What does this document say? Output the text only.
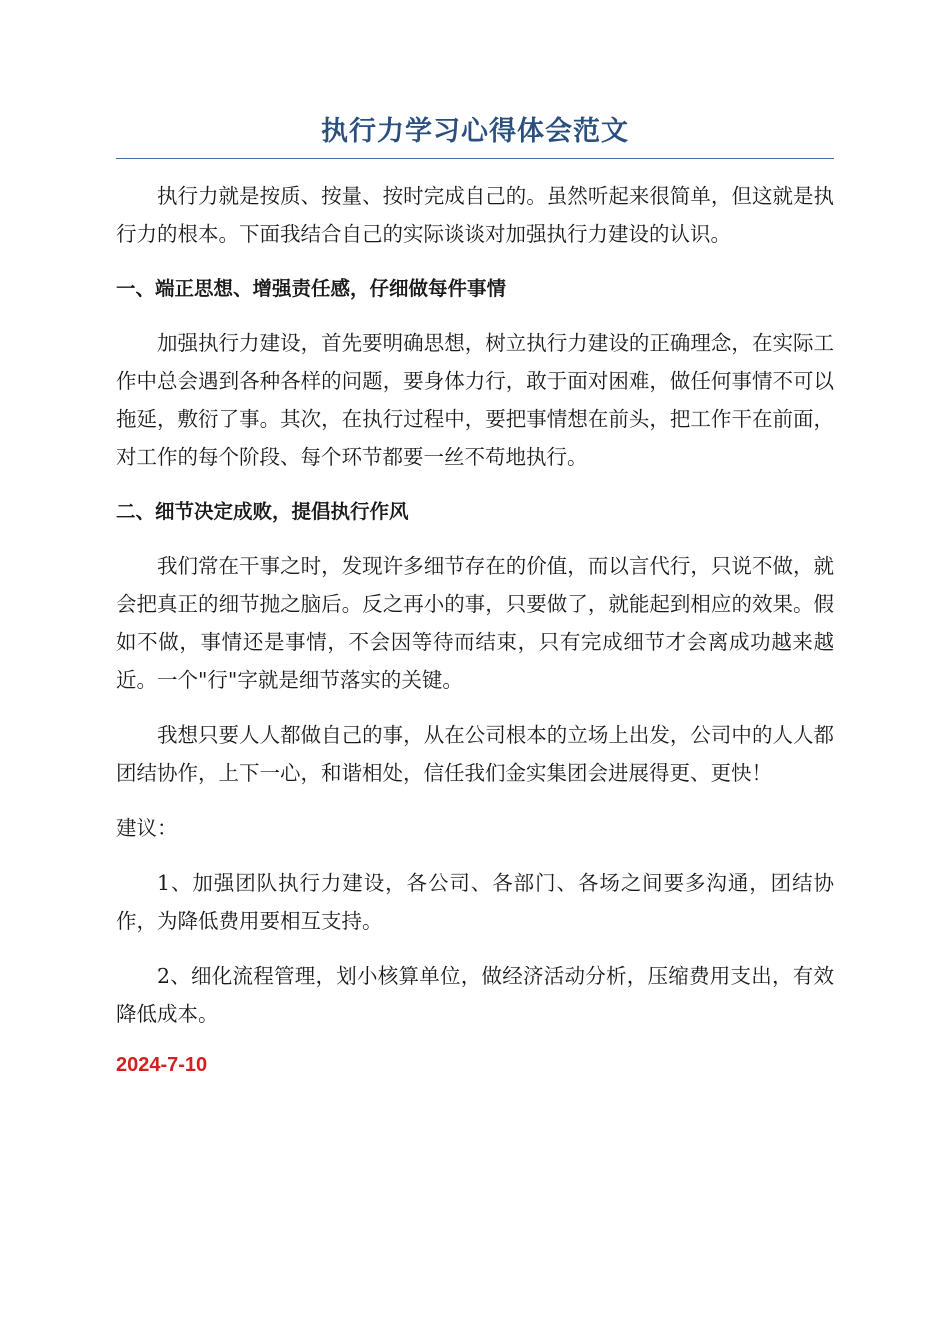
执行力学习心得体会范文

执行力就是按质、按量、按时完成自己的。虽然听起来很简单，但这就是执行力的根本。下面我结合自己的实际谈谈对加强执行力建设的认识。

一、端正思想、增强责任感，仔细做每件事情

加强执行力建设，首先要明确思想，树立执行力建设的正确理念，在实际工作中总会遇到各种各样的问题，要身体力行，敢于面对困难，做任何事情不可以拖延，敷衍了事。其次，在执行过程中，要把事情想在前头，把工作干在前面，对工作的每个阶段、每个环节都要一丝不苟地执行。

二、细节决定成败，提倡执行作风

我们常在干事之时，发现许多细节存在的价值，而以言代行，只说不做，就会把真正的细节抛之脑后。反之再小的事，只要做了，就能起到相应的效果。假如不做，事情还是事情，不会因等待而结束，只有完成细节才会离成功越来越近。一个"行"字就是细节落实的关键。

我想只要人人都做自己的事，从在公司根本的立场上出发，公司中的人人都团结协作，上下一心，和谐相处，信任我们金实集团会进展得更、更快！

建议：

1、加强团队执行力建设，各公司、各部门、各场之间要多沟通，团结协作，为降低费用要相互支持。

2、细化流程管理，划小核算单位，做经济活动分析，压缩费用支出，有效降低成本。

2024-7-10
